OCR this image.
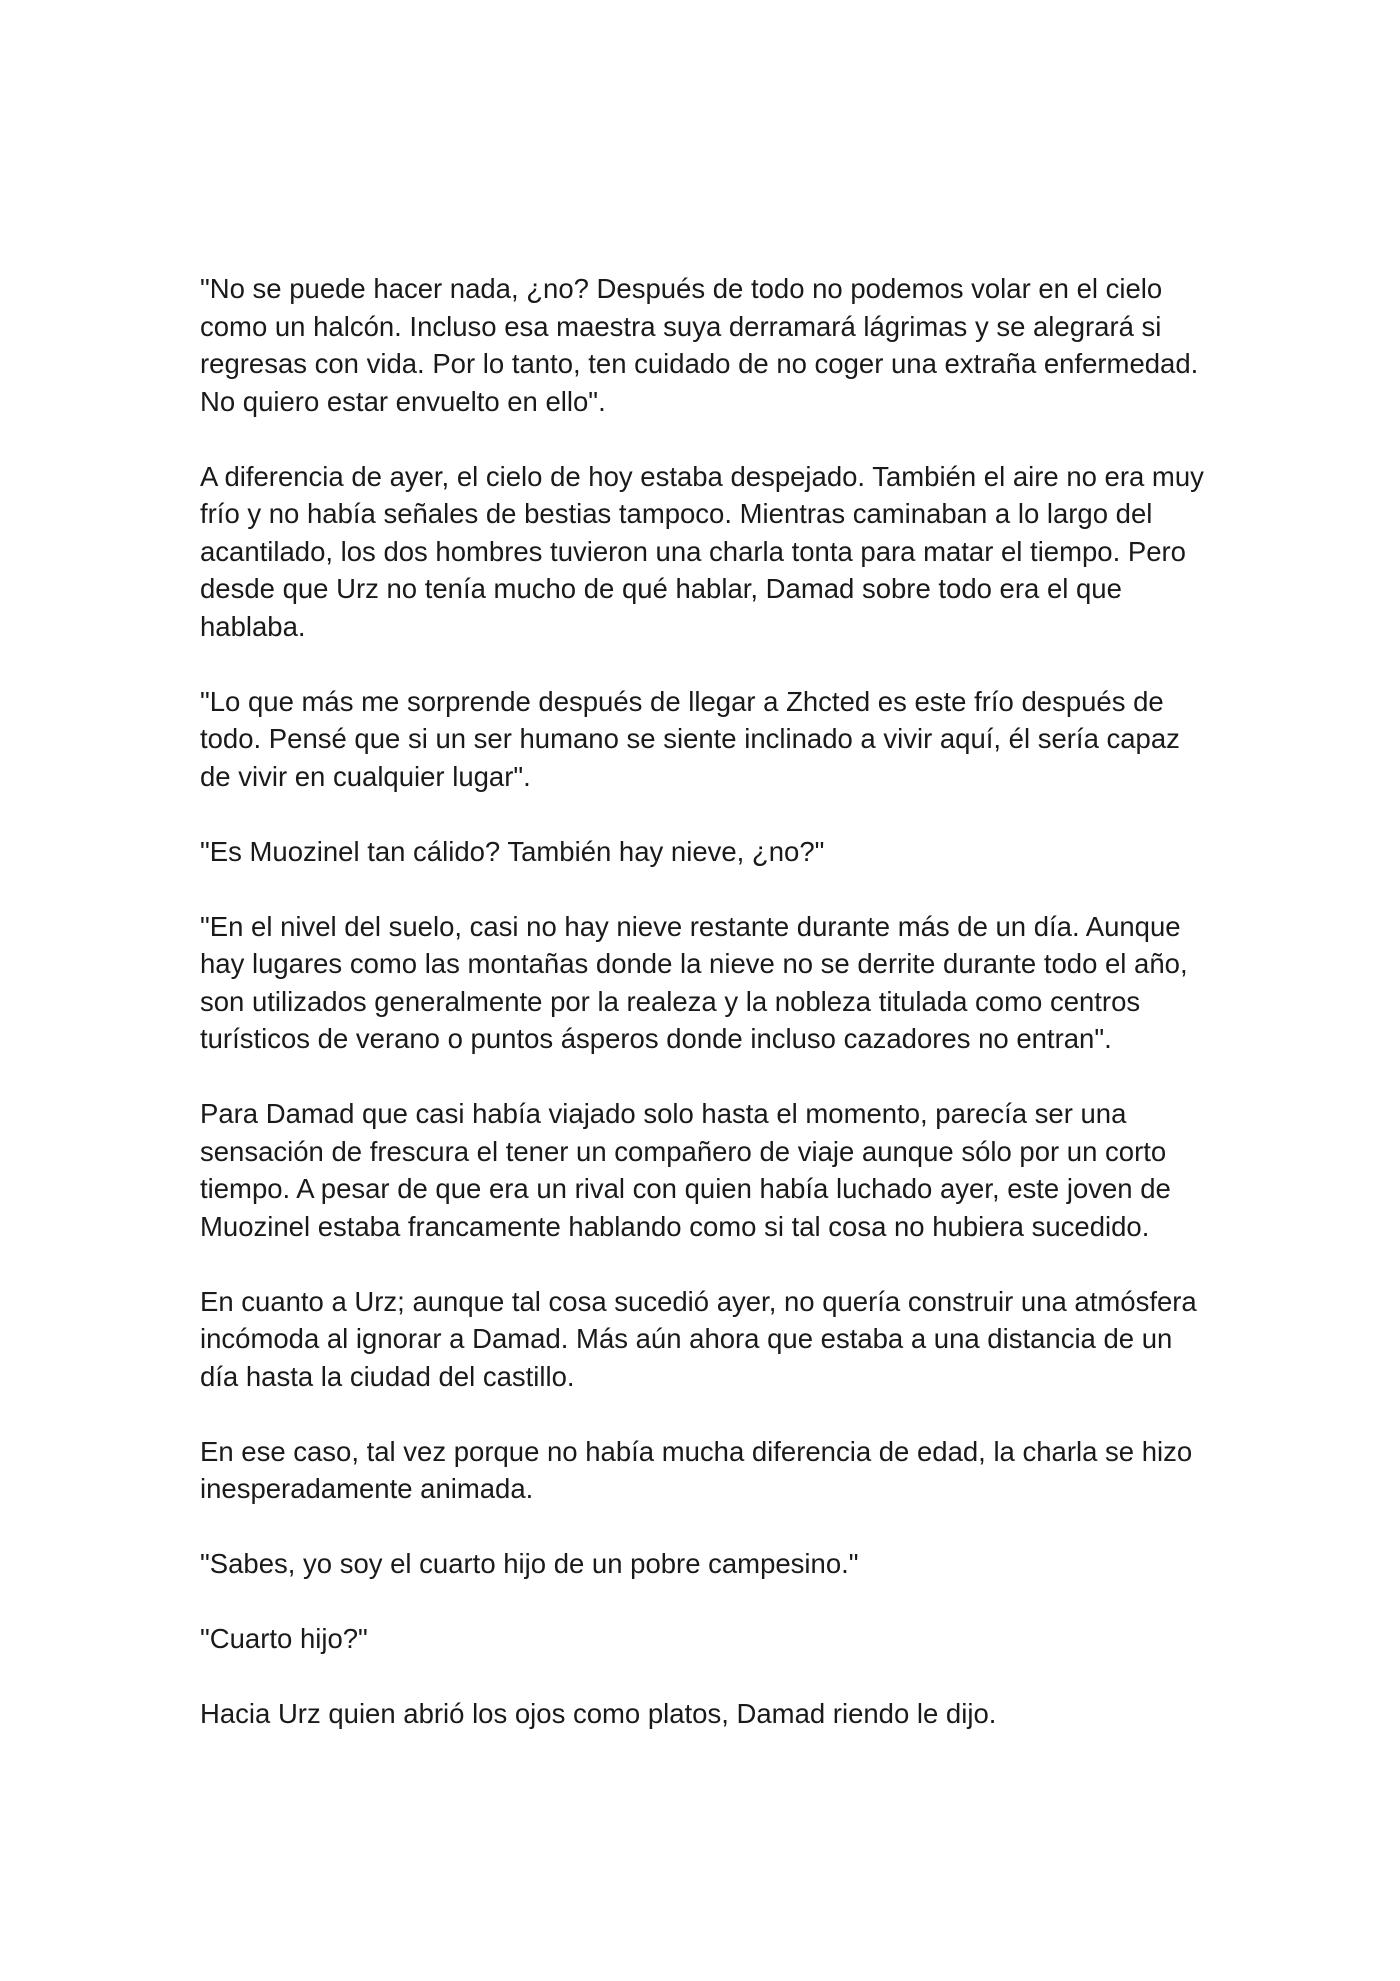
"No se puede hacer nada, ¿no? Después de todo no podemos volar en el cielo como un halcón. Incluso esa maestra suya derramará lágrimas y se alegrará si regresas con vida. Por lo tanto, ten cuidado de no coger una extraña enfermedad. No quiero estar envuelto en ello".

A diferencia de ayer, el cielo de hoy estaba despejado. También el aire no era muy frío y no había señales de bestias tampoco. Mientras caminaban a lo largo del acantilado, los dos hombres tuvieron una charla tonta para matar el tiempo. Pero desde que Urz no tenía mucho de qué hablar, Damad sobre todo era el que hablaba.

"Lo que más me sorprende después de llegar a Zhcted es este frío después de todo. Pensé que si un ser humano se siente inclinado a vivir aquí, él sería capaz de vivir en cualquier lugar".

"Es Muozinel tan cálido? También hay nieve, ¿no?"

"En el nivel del suelo, casi no hay nieve restante durante más de un día. Aunque hay lugares como las montañas donde la nieve no se derrite durante todo el año, son utilizados generalmente por la realeza y la nobleza titulada como centros turísticos de verano o puntos ásperos donde incluso cazadores no entran".

Para Damad que casi había viajado solo hasta el momento, parecía ser una sensación de frescura el tener un compañero de viaje aunque sólo por un corto tiempo. A pesar de que era un rival con quien había luchado ayer, este joven de Muozinel estaba francamente hablando como si tal cosa no hubiera sucedido.

En cuanto a Urz; aunque tal cosa sucedió ayer, no quería construir una atmósfera incómoda al ignorar a Damad. Más aún ahora que estaba a una distancia de un día hasta la ciudad del castillo.

En ese caso, tal vez porque no había mucha diferencia de edad, la charla se hizo inesperadamente animada.

"Sabes, yo soy el cuarto hijo de un pobre campesino."

"Cuarto hijo?"

Hacia Urz quien abrió los ojos como platos, Damad riendo le dijo.
